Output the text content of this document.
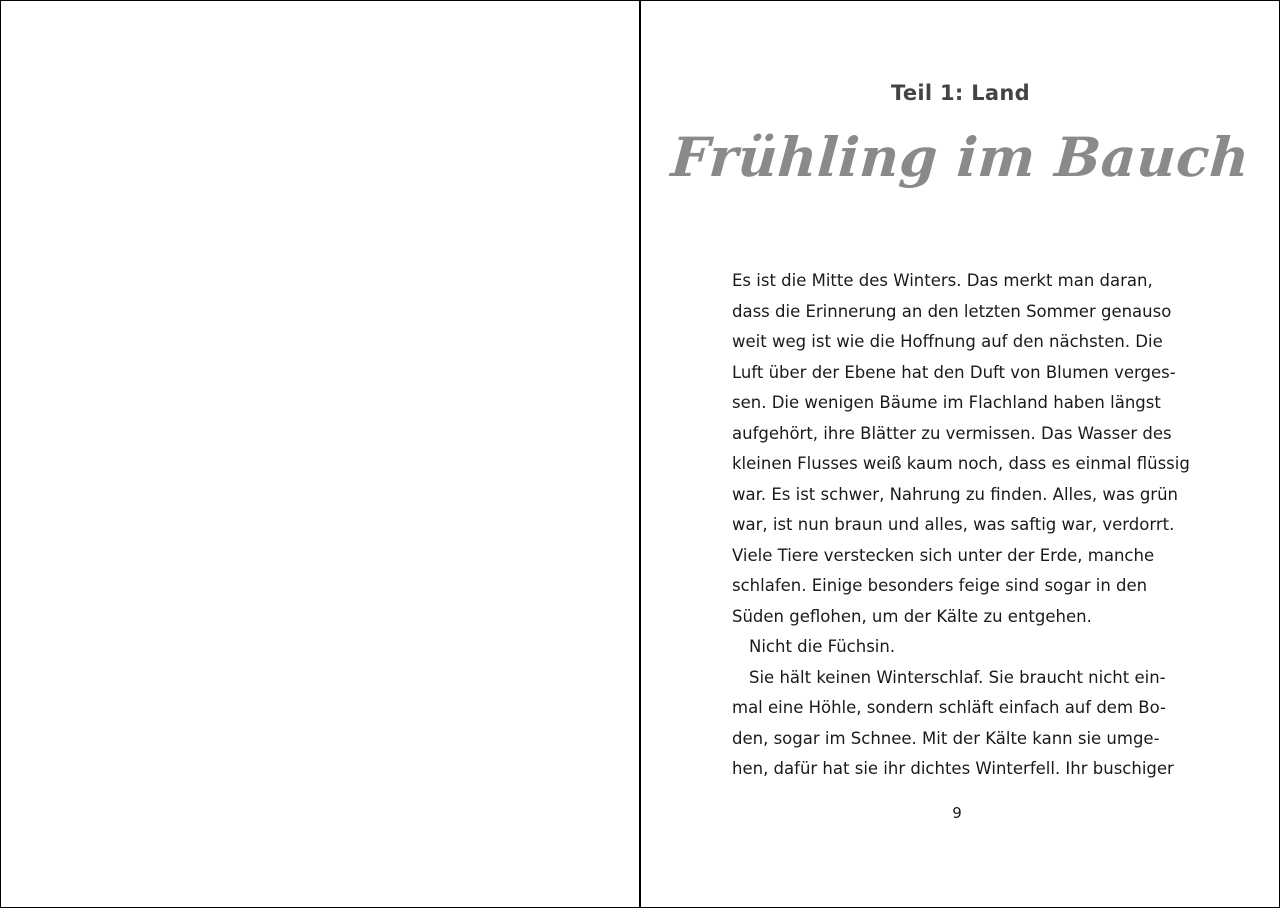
Teil 1: Land
Frühling im Bauch
Es ist die Mitte des Winters. Das merkt man daran,
dass die Erinnerung an den letzten Sommer genauso
weit weg ist wie die Hoffnung auf den nächsten. Die
Luft über der Ebene hat den Duft von Blumen verges-
sen. Die wenigen Bäume im Flachland haben längst
aufgehört, ihre Blätter zu vermissen. Das Wasser des
kleinen Flusses weiß kaum noch, dass es einmal flüssig
war. Es ist schwer, Nahrung zu finden. Alles, was grün
war, ist nun braun und alles, was saftig war, verdorrt.
Viele Tiere verstecken sich unter der Erde, manche
schlafen. Einige besonders feige sind sogar in den
Süden geflohen, um der Kälte zu entgehen.
Nicht die Füchsin.
Sie hält keinen Winterschlaf. Sie braucht nicht ein-
mal eine Höhle, sondern schläft einfach auf dem Bo-
den, sogar im Schnee. Mit der Kälte kann sie umge-
hen, dafür hat sie ihr dichtes Winterfell. Ihr buschiger
9
